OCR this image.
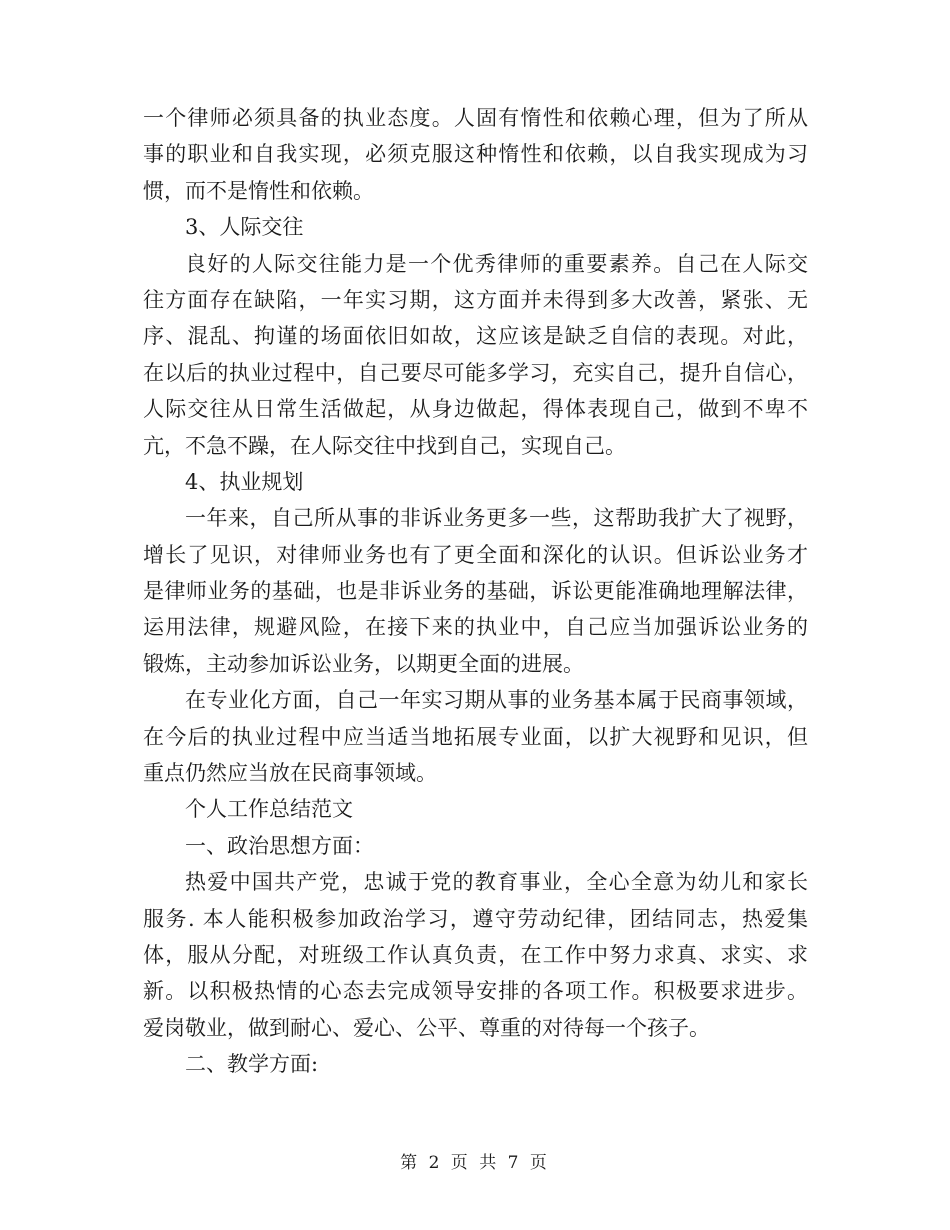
一个律师必须具备的执业态度。人固有惰性和依赖心理，但为了所从
事的职业和自我实现，必须克服这种惰性和依赖，以自我实现成为习
惯，而不是惰性和依赖。
3、人际交往
良好的人际交往能力是一个优秀律师的重要素养。自己在人际交
往方面存在缺陷，一年实习期，这方面并未得到多大改善，紧张、无
序、混乱、拘谨的场面依旧如故，这应该是缺乏自信的表现。对此，
在以后的执业过程中，自己要尽可能多学习，充实自己，提升自信心，
人际交往从日常生活做起，从身边做起，得体表现自己，做到不卑不
亢，不急不躁，在人际交往中找到自己，实现自己。
4、执业规划
一年来，自己所从事的非诉业务更多一些，这帮助我扩大了视野，
增长了见识，对律师业务也有了更全面和深化的认识。但诉讼业务才
是律师业务的基础，也是非诉业务的基础，诉讼更能准确地理解法律，
运用法律，规避风险，在接下来的执业中，自己应当加强诉讼业务的
锻炼，主动参加诉讼业务，以期更全面的进展。
在专业化方面，自己一年实习期从事的业务基本属于民商事领域，
在今后的执业过程中应当适当地拓展专业面，以扩大视野和见识，但
重点仍然应当放在民商事领域。
个人工作总结范文
一、政治思想方面：
热爱中国共产党，忠诚于党的教育事业，全心全意为幼儿和家长
服务. 本人能积极参加政治学习，遵守劳动纪律，团结同志，热爱集
体，服从分配，对班级工作认真负责，在工作中努力求真、求实、求
新。以积极热情的心态去完成领导安排的各项工作。积极要求进步。
爱岗敬业，做到耐心、爱心、公平、尊重的对待每一个孩子。
二、教学方面:
第 2 页 共 7 页
